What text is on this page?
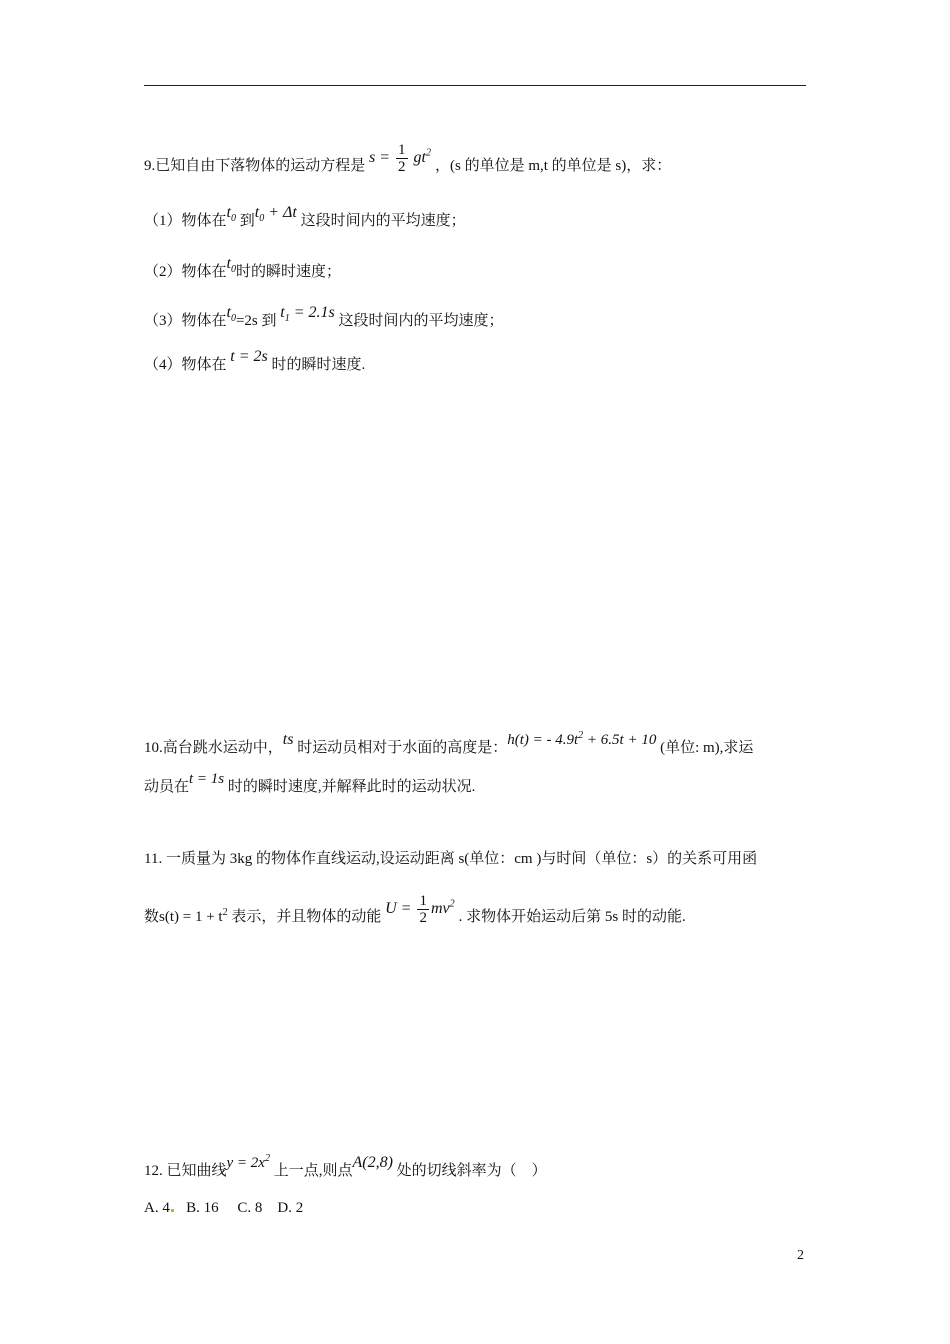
9.已知自由下落物体的运动方程是 $s = \frac{1}{2} gt^2$ ，(s 的单位是 m,t 的单位是 s)，求：
（1）物体在$t_0$ 到$t_0 + \Delta t$ 这段时间内的平均速度；
（2）物体在$t_0$时的瞬时速度；
（3）物体在$t_0=2s$ 到 $t_1 = 2.1s$ 这段时间内的平均速度；
（4）物体在 t = 2s 时的瞬时速度.
10.高台跳水运动中，ts 时运动员相对于水面的高度是：h(t) = - $4.9t^2 + 6.5t + 10$ (单位: m),求运
动员在t = 1s 时的瞬时速度,并解释此时的运动状况.
11. 一质量为 3kg 的物体作直线运动,设运动距离 s(单位：cm )与时间（单位：s）的关系可用函
数$s(t) = 1 + t^2$ 表示，并且物体的动能 $U = \frac{1}{2} mv^2$ . 求物体开始运动后第 5s 时的动能.
12. 已知曲线$y = 2x^2$ 上一点,则点A(2,8) 处的切线斜率为（　）
A. 4 B. 16 C. 8 D. 2
2
